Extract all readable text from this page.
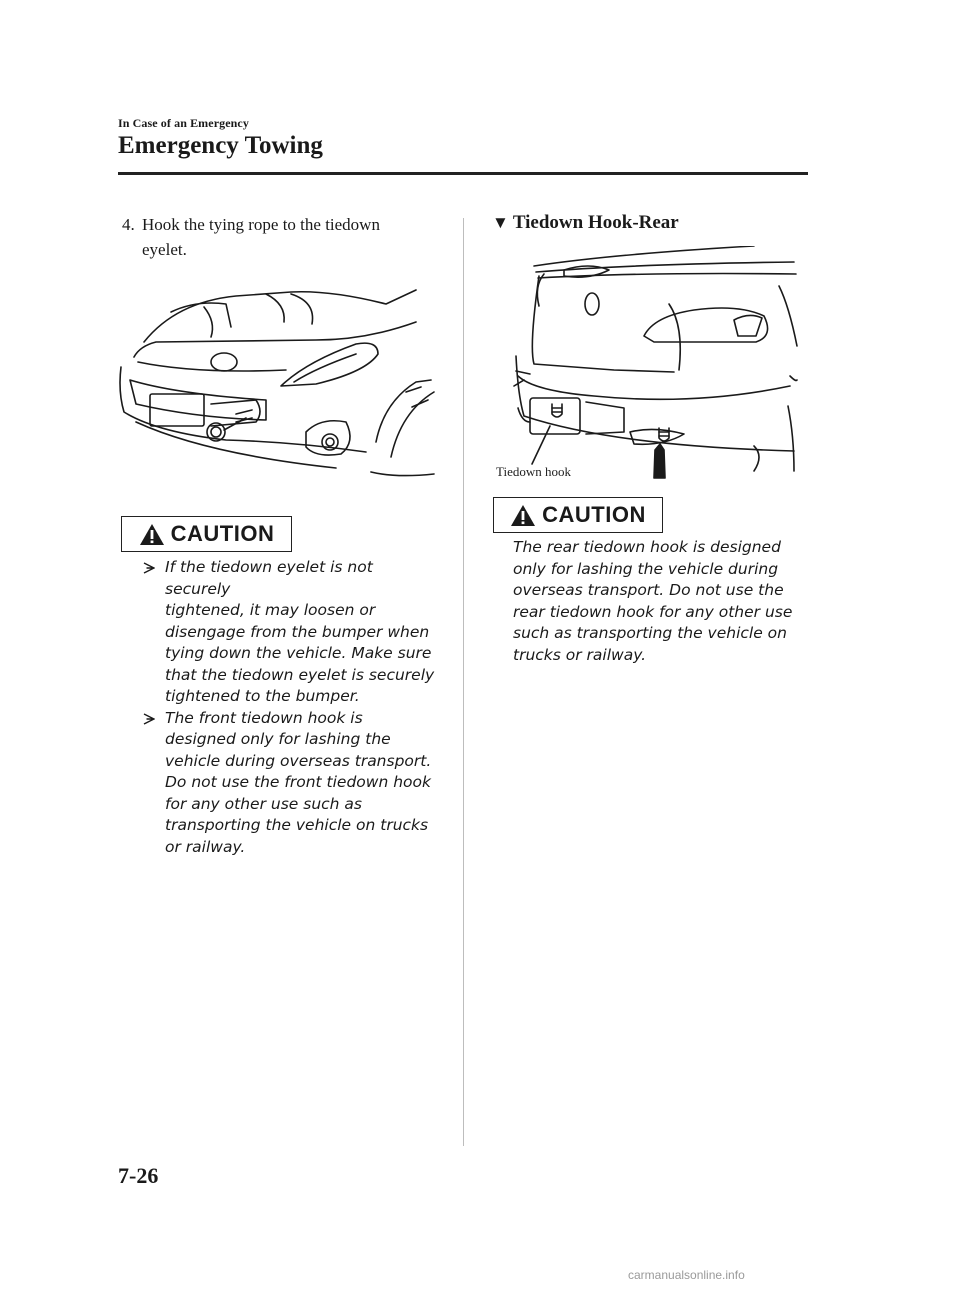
In Case of an Emergency
Emergency Towing
4. Hook the tying rope to the tiedown
eyelet.
CAUTION
If the tiedown eyelet is not securely
tightened, it may loosen or
disengage from the bumper when
tying down the vehicle. Make sure
that the tiedown eyelet is securely
tightened to the bumper.
The front tiedown hook is
designed only for lashing the
vehicle during overseas transport.
Do not use the front tiedown hook
for any other use such as
transporting the vehicle on trucks
or railway.
▼ Tiedown Hook-Rear
Tiedown hook
CAUTION
The rear tiedown hook is designed
only for lashing the vehicle during
overseas transport. Do not use the
rear tiedown hook for any other use
such as transporting the vehicle on
trucks or railway.
7-26
carmanualsonline.info
